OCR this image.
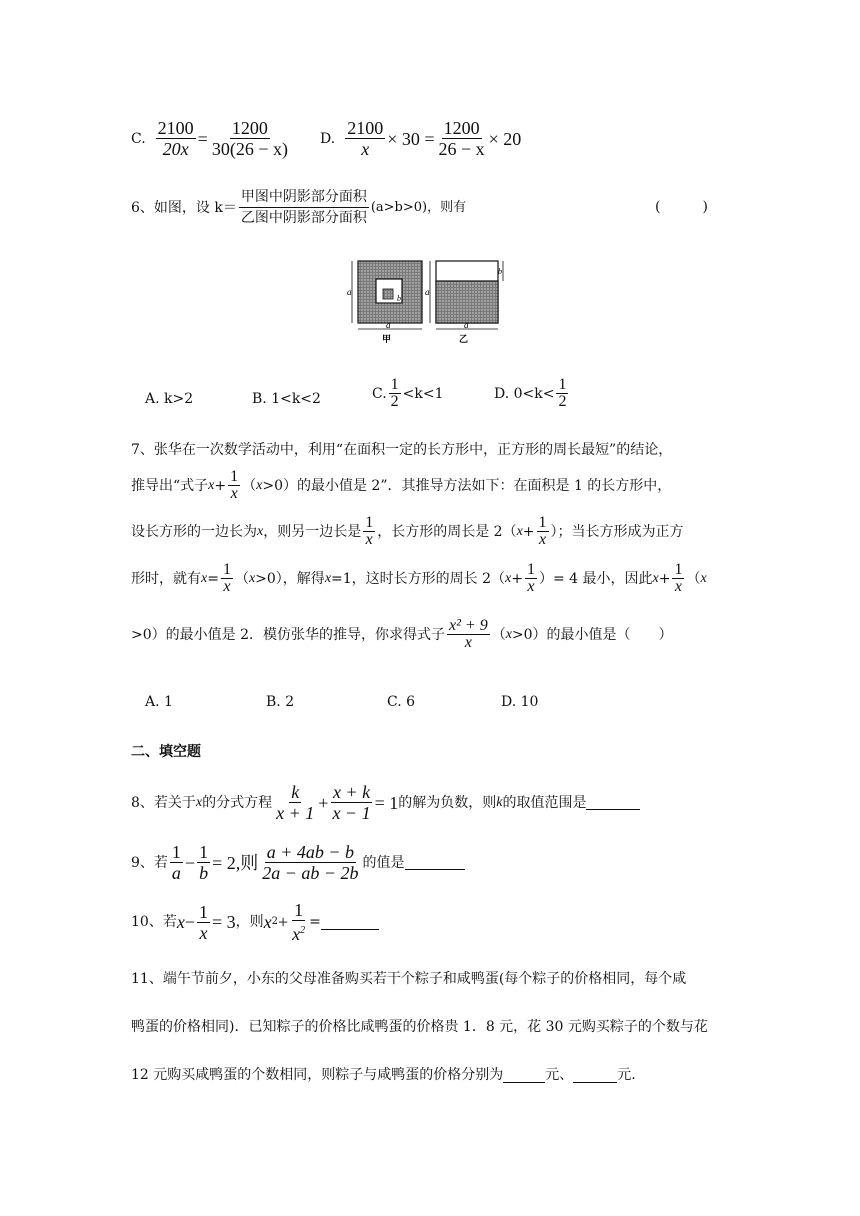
C. $\frac{2100}{20x} = \frac{1200}{30(26 - x)} D$. $\frac{2100}{x} \times 30 = \frac{1200}{26 - x} \times 20$
6、如图，设 $k= \frac{\text{甲图中阴影部分面积}}{\text{乙图中阴影部分面积}} (a>b>0)$，则有	(　　　)
a
a
b
甲
a
b
a
乙
A. k>2	B. 1<k<2	C. $\frac{1}{2} <k<1$	D. $0<k< \frac{1}{2}$
7、张华在一次数学活动中，利用“在面积一定的长方形中，正方形的周长最短”的结论，
推导出“式子 $x + \frac{1}{x}$ （ x >0）的最小值是 2”．其推导方法如下：在面积是 1 的长方形中，
设长方形的一边长为 x ，则另一边长是 $\frac{1}{x}$ ，长方形的周长是 2（ $x + \frac{1}{x}$ ）；当长方形成为正方
形时，就有 $x = \frac{1}{x}$ （ x >0），解得 x =1，这时长方形的周长 2（ $x + \frac{1}{x}$ ）= 4 最小，因此 $x + \frac{1}{x}$ （ x
>0）的最小值是 2．模仿张华的推导，你求得式子 $\frac{\text{x² + 9}}{x}$ （ x >0）的最小值是（　　）
A. 1	B. 2	C. 6	D. 10
二、填空题
8、若关于 x 的分式方程 $\frac{k}{x + 1} + \frac{x + k}{x - 1} = 1$ 的解为负数，则 k 的取值范围是
9、若 $\frac{1}{a} - \frac{1}{b} = 2$,则 $\frac{a + 4ab - b}{2a - ab - 2b}$ 的值是
10、若 $x - \frac{1}{x} = 3$ ，则 x $2 + \frac{1}{x^2}$ =
11、端午节前夕，小东的父母准备购买若干个粽子和咸鸭蛋(每个粽子的价格相同，每个咸
鸭蛋的价格相同)．已知粽子的价格比咸鸭蛋的价格贵 1．8 元，花 30 元购买粽子的个数与花
12 元购买咸鸭蛋的个数相同，则粽子与咸鸭蛋的价格分别为	元、	元.
